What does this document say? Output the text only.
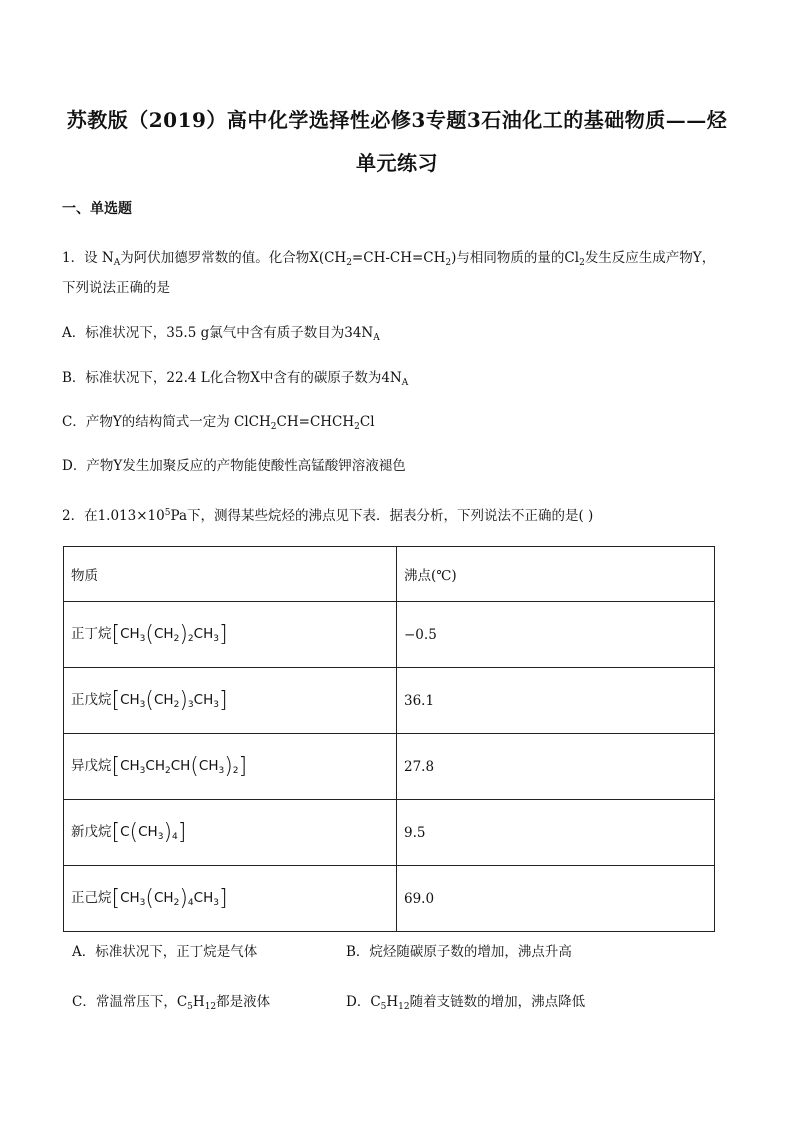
苏教版（2019）高中化学选择性必修3专题3石油化工的基础物质——烃
单元练习
一、单选题
1．设 $N_A$为阿伏加德罗常数的值。化合物$X(CH_2=CH-CH=CH_2)$与相同物质的量的$Cl_2$发生反应生成产物Y，
下列说法正确的是
A．标准状况下，35.5 g氯气中含有质子数目为$34N_A$
B．标准状况下，22.4 L化合物X中含有的碳原子数为$4N_A$
C．产物Y的结构简式一定为 $ClCH_2CH=CHCH_2Cl$
D．产物Y发生加聚反应的产物能使酸性高锰酸钾溶液褪色
2．在$1.013\times 10^5Pa$下，测得某些烷烃的沸点见下表．据表分析，下列说法不正确的是( )
物质	沸点(℃)
正丁烷$[CH_3(CH_2)_2CH_3]$	−0.5
正戊烷$[CH_3(CH_2)_3CH_3]$	36.1
异戊烷$[CH_3CH_2CH(CH_3)_2]$	27.8
新戊烷$[C(CH_3)_4]$	9.5
正己烷$[CH_3(CH_2)_4CH_3]$	69.0
A．标准状况下，正丁烷是气体	B．烷烃随碳原子数的增加，沸点升高
C．常温常压下，$C_5H_{12}$都是液体	D．$C_5H_{12}$随着支链数的增加，沸点降低
